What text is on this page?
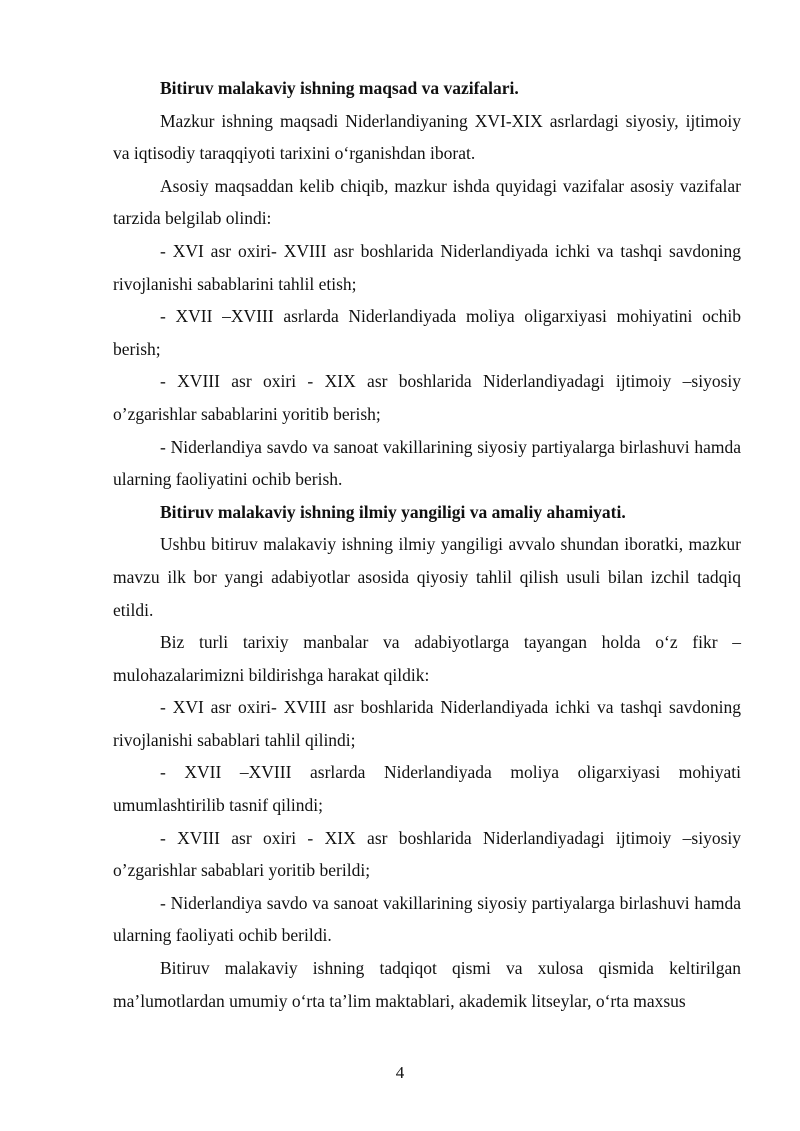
Bitiruv malakaviy ishning maqsad va vazifalari.

Mazkur ishning maqsadi Niderlandiyaning XVI-XIX asrlardagi siyosiy, ijtimoiy va iqtisodiy taraqqiyoti tarixini o‘rganishdan iborat.

Asosiy maqsaddan kelib chiqib, mazkur ishda quyidagi vazifalar asosiy vazifalar tarzida belgilab olindi:

- XVI asr oxiri- XVIII asr boshlarida Niderlandiyada ichki va tashqi savdoning rivojlanishi sabablarini tahlil etish;

- XVII –XVIII asrlarda Niderlandiyada moliya oligarxiyasi mohiyatini ochib berish;

- XVIII asr oxiri - XIX asr boshlarida Niderlandiyadagi ijtimoiy –siyosiy o’zgarishlar sabablarini yoritib berish;

- Niderlandiya savdo va sanoat vakillarining siyosiy partiyalarga birlashuvi hamda ularning faoliyatini ochib berish.

Bitiruv malakaviy ishning ilmiy yangiligi va amaliy ahamiyati.

Ushbu bitiruv malakaviy ishning ilmiy yangiligi avvalo shundan iboratki, mazkur mavzu ilk bor yangi adabiyotlar asosida qiyosiy tahlil qilish usuli bilan izchil tadqiq etildi.

Biz turli tarixiy manbalar va adabiyotlarga tayangan holda o‘z fikr – mulohazalarimizni bildirishga harakat qildik:

- XVI asr oxiri- XVIII asr boshlarida Niderlandiyada ichki va tashqi savdoning rivojlanishi sabablari tahlil qilindi;

- XVII –XVIII asrlarda Niderlandiyada moliya oligarxiyasi mohiyati umumlashtirilib tasnif qilindi;

- XVIII asr oxiri - XIX asr boshlarida Niderlandiyadagi ijtimoiy –siyosiy o’zgarishlar sabablari yoritib berildi;

- Niderlandiya savdo va sanoat vakillarining siyosiy partiyalarga birlashuvi hamda ularning faoliyati ochib berildi.

Bitiruv malakaviy ishning tadqiqot qismi va xulosa qismida keltirilgan ma’lumotlardan umumiy o‘rta ta’lim maktablari, akademik litseylar, o‘rta maxsus

4
